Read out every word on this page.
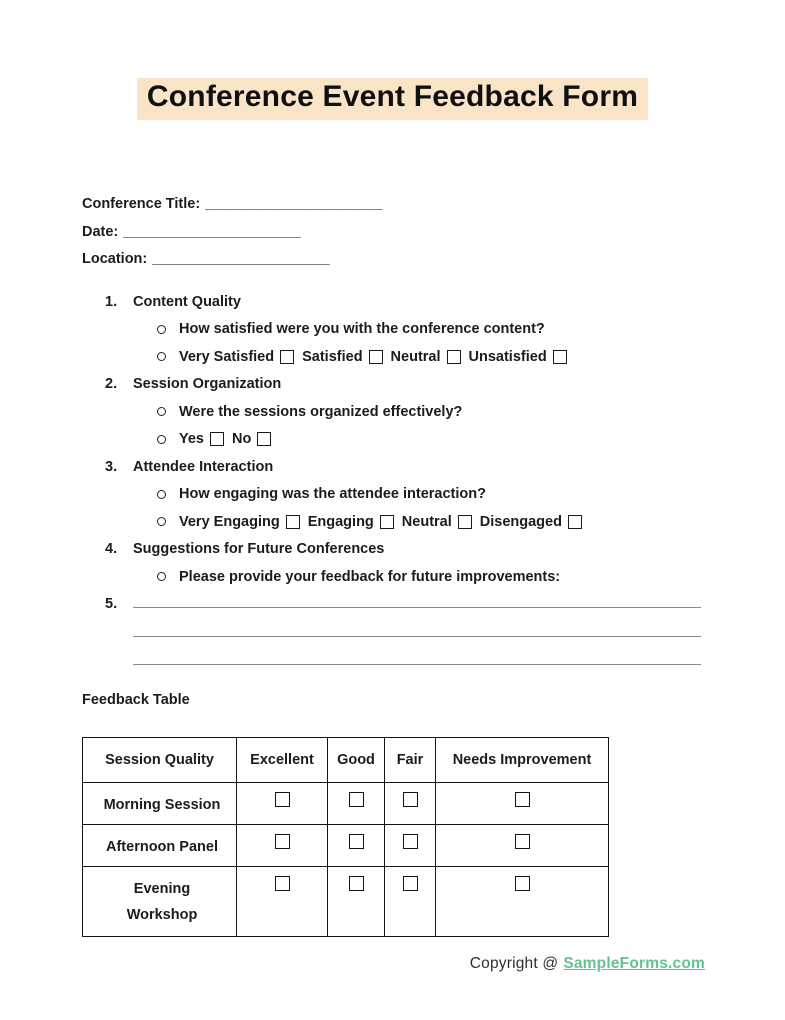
Conference Event Feedback Form
Conference Title: ______________________
Date: ______________________
Location: ______________________
1.	Content Quality
How satisfied were you with the conference content?
Very Satisfied Satisfied Neutral Unsatisfied
2.	Session Organization
Were the sessions organized effectively?
Yes No
3.	Attendee Interaction
How engaging was the attendee interaction?
Very Engaging Engaging Neutral Disengaged
4.	Suggestions for Future Conferences
Please provide your feedback for future improvements:
5.
Feedback Table
Session Quality	Excellent	Good	Fair	Needs Improvement
Morning Session				
Afternoon Panel				
Evening Workshop				
Copyright @ SampleForms.com
